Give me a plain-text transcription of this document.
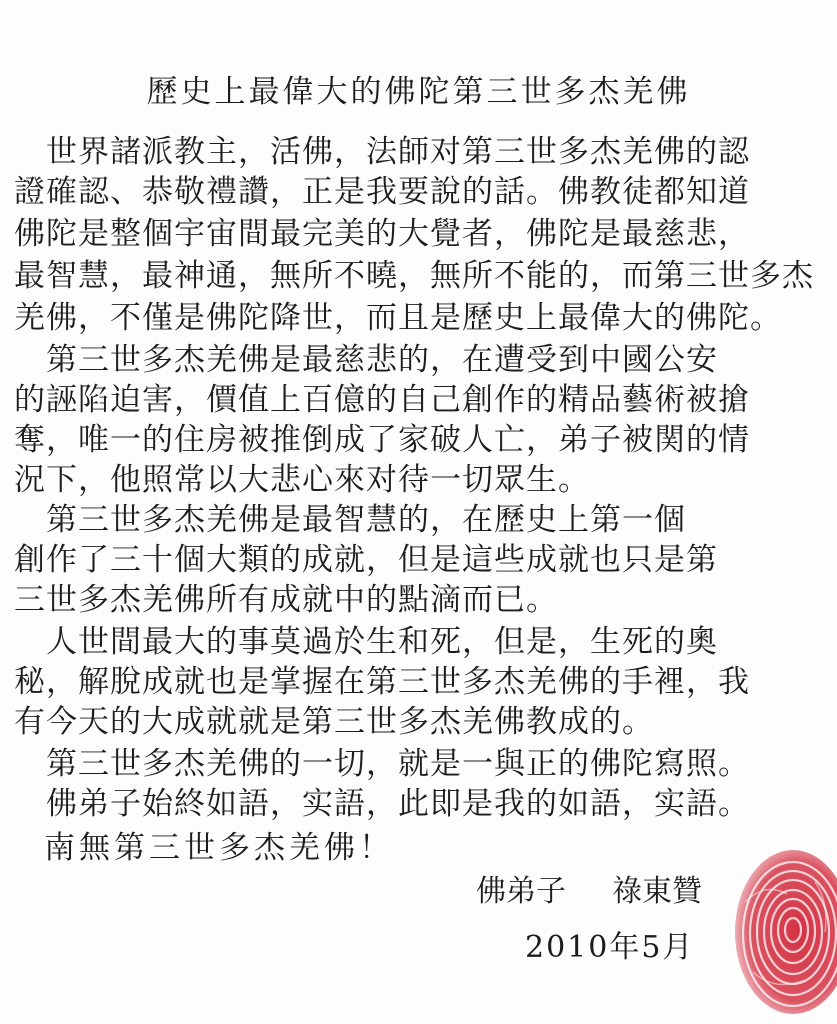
歷史上最偉大的佛陀第三世多杰羌佛

　世界諸派教主，活佛，法師对第三世多杰羌佛的認

證確認、恭敬禮讚，正是我要說的話。佛教徒都知道

佛陀是整個宇宙間最完美的大覺者，佛陀是最慈悲，

最智慧，最神通，無所不曉，無所不能的，而第三世多杰

羌佛，不僅是佛陀降世，而且是歷史上最偉大的佛陀。

　第三世多杰羌佛是最慈悲的，在遭受到中國公安

的誣陷迫害，價值上百億的自己創作的精品藝術被搶

奪，唯一的住房被推倒成了家破人亡，弟子被関的情

況下，他照常以大悲心來对待一切眾生。

　第三世多杰羌佛是最智慧的，在歷史上第一個

創作了三十個大類的成就，但是這些成就也只是第

三世多杰羌佛所有成就中的點滴而已。

　人世間最大的事莫過於生和死，但是，生死的奧

秘，解脫成就也是掌握在第三世多杰羌佛的手裡，我

有今天的大成就就是第三世多杰羌佛教成的。

　第三世多杰羌佛的一切，就是一與正的佛陀寫照。

　佛弟子始終如語，实語，此即是我的如語，实語。

南無第三世多杰羌佛！

佛弟子 祿東贊
2010年5月
